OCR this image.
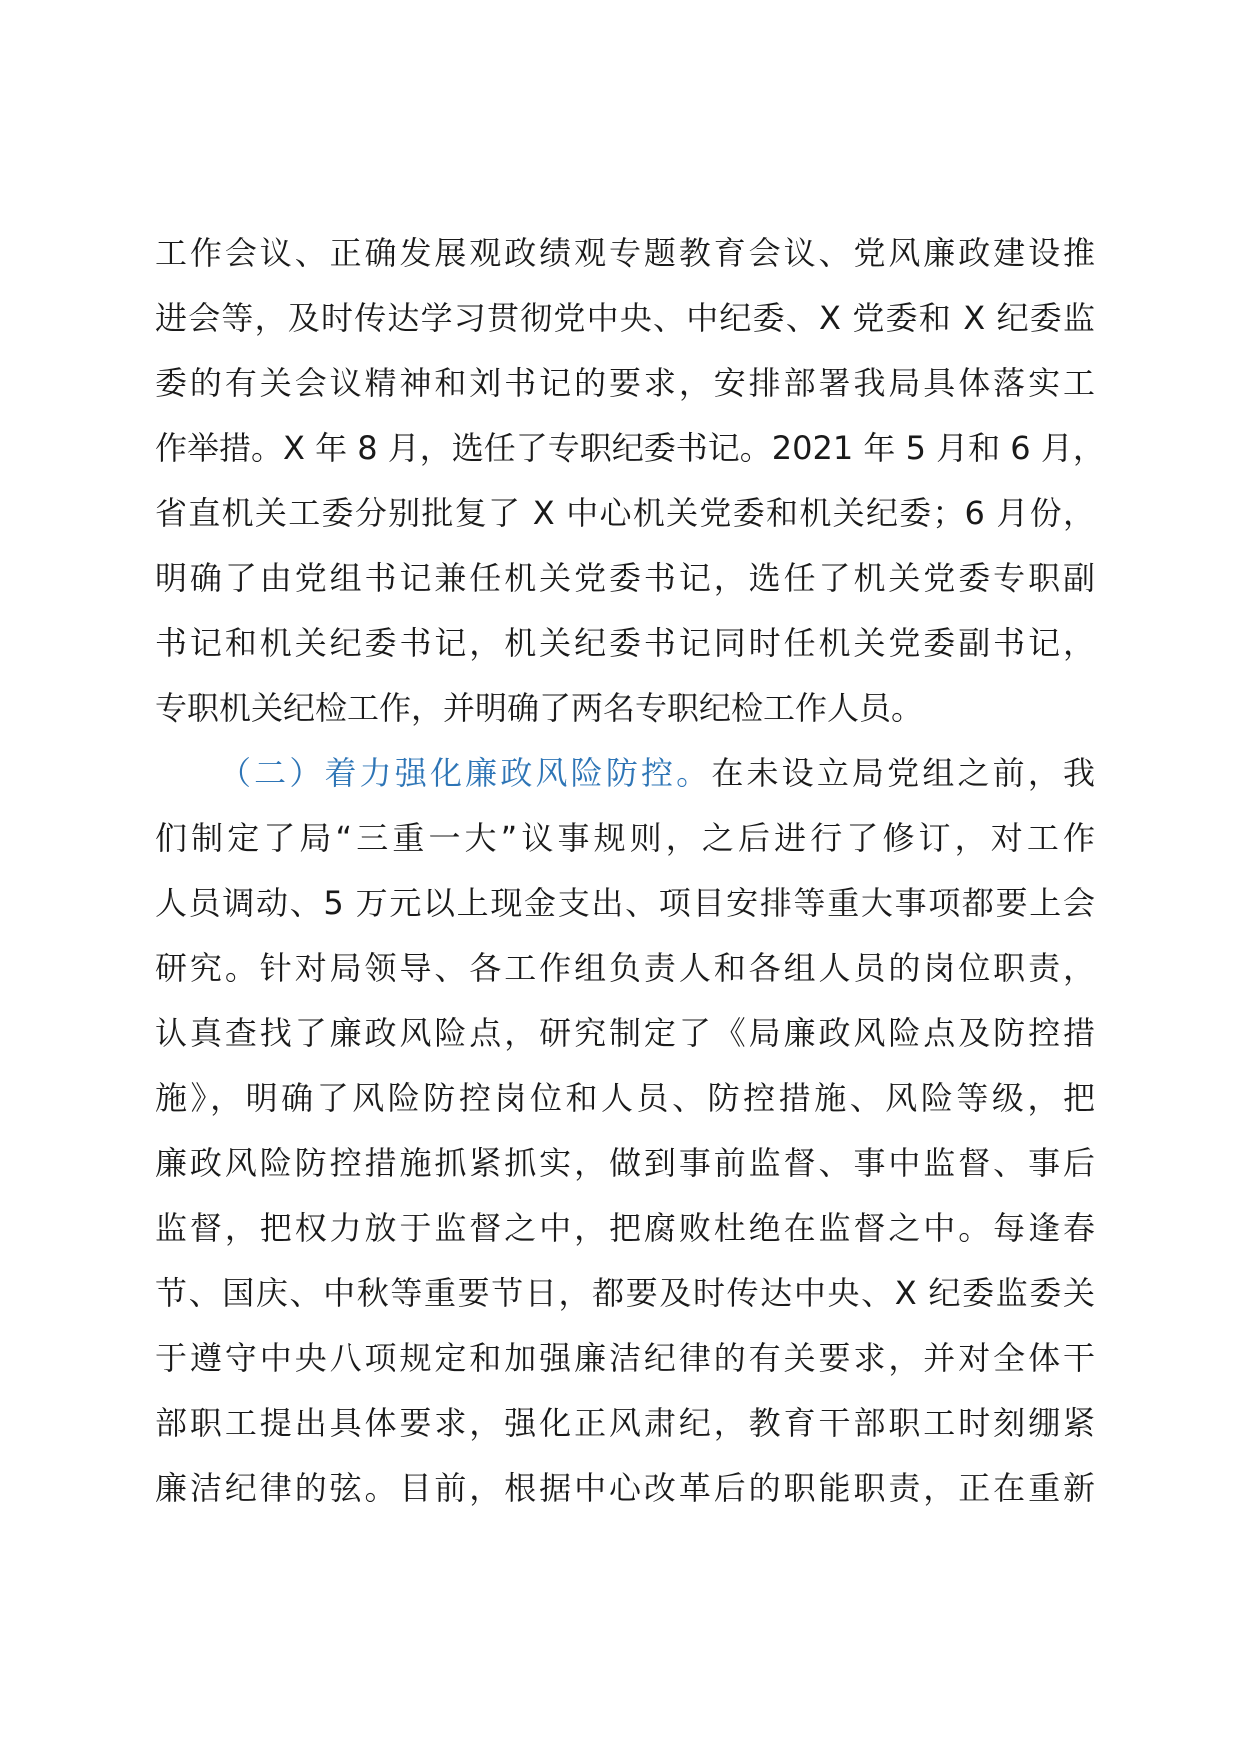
工作会议、正确发展观政绩观专题教育会议、党风廉政建设推
进会等，及时传达学习贯彻党中央、中纪委、X 党委和 X 纪委监
委的有关会议精神和刘书记的要求，安排部署我局具体落实工
作举措。X 年 8 月，选任了专职纪委书记。2021 年 5 月和 6 月，
省直机关工委分别批复了 X 中心机关党委和机关纪委；6 月份，
明确了由党组书记兼任机关党委书记，选任了机关党委专职副
书记和机关纪委书记，机关纪委书记同时任机关党委副书记，
专职机关纪检工作，并明确了两名专职纪检工作人员。
（二）着力强化廉政风险防控。在未设立局党组之前，我
们制定了局“三重一大”议事规则，之后进行了修订，对工作
人员调动、5 万元以上现金支出、项目安排等重大事项都要上会
研究。针对局领导、各工作组负责人和各组人员的岗位职责，
认真查找了廉政风险点，研究制定了《局廉政风险点及防控措
施》，明确了风险防控岗位和人员、防控措施、风险等级，把
廉政风险防控措施抓紧抓实，做到事前监督、事中监督、事后
监督，把权力放于监督之中，把腐败杜绝在监督之中。每逢春
节、国庆、中秋等重要节日，都要及时传达中央、X 纪委监委关
于遵守中央八项规定和加强廉洁纪律的有关要求，并对全体干
部职工提出具体要求，强化正风肃纪，教育干部职工时刻绷紧
廉洁纪律的弦。目前，根据中心改革后的职能职责，正在重新
